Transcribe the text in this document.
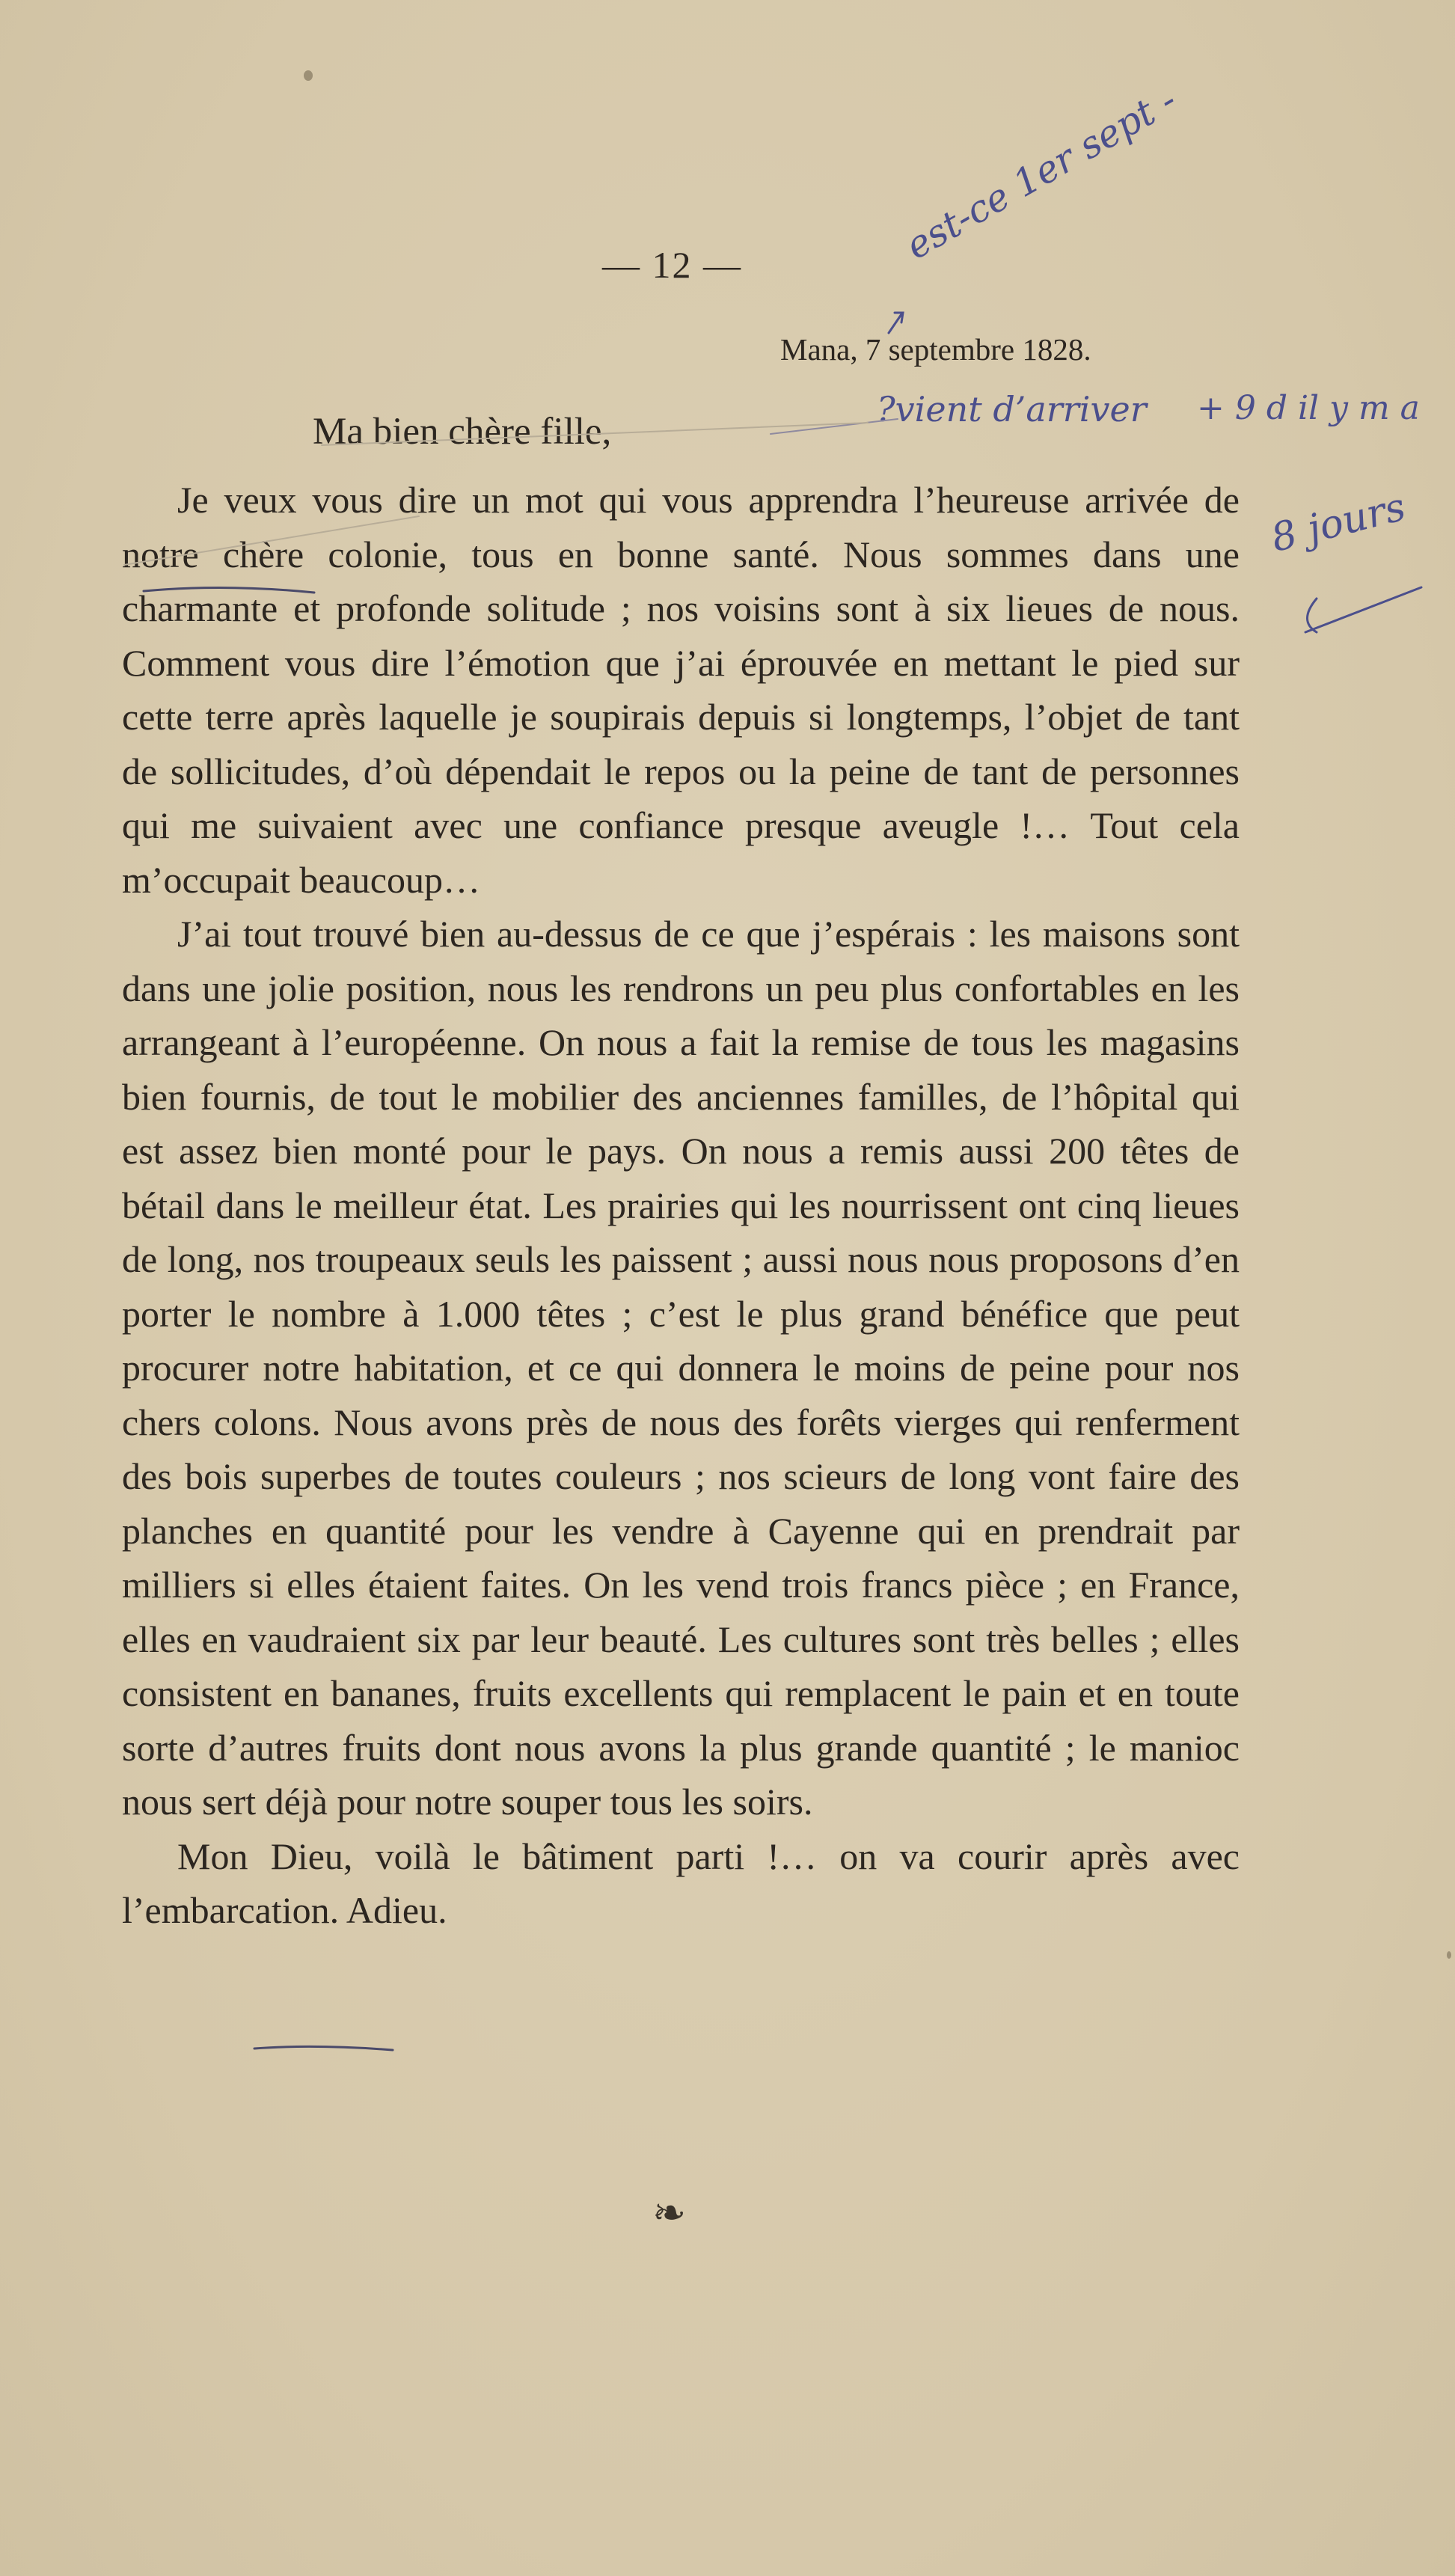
— 12 —
Mana, 7 septembre 1828.
Ma bien chère fille,

Je veux vous dire un mot qui vous apprendra l’heureuse arrivée de notre chère colonie, tous en bonne santé. Nous sommes dans une charmante et profonde solitude ; nos voisins sont à six lieues de nous. Comment vous dire l’émotion que j’ai éprouvée en mettant le pied sur cette terre après laquelle je soupirais depuis si longtemps, l’objet de tant de sollicitudes, d’où dépendait le repos ou la peine de tant de personnes qui me suivaient avec une confiance presque aveugle !… Tout cela m’occupait beaucoup…

J’ai tout trouvé bien au-dessus de ce que j’espérais : les maisons sont dans une jolie position, nous les rendrons un peu plus confortables en les arrangeant à l’européenne. On nous a fait la remise de tous les magasins bien fournis, de tout le mobilier des anciennes familles, de l’hôpital qui est assez bien monté pour le pays. On nous a remis aussi 200 têtes de bétail dans le meilleur état. Les prairies qui les nourrissent ont cinq lieues de long, nos troupeaux seuls les paissent ; aussi nous nous proposons d’en porter le nombre à 1.000 têtes ; c’est le plus grand bénéfice que peut procurer notre habitation, et ce qui donnera le moins de peine pour nos chers colons. Nous avons près de nous des forêts vierges qui renferment des bois superbes de toutes couleurs ; nos scieurs de long vont faire des planches en quantité pour les vendre à Cayenne qui en prendrait par milliers si elles étaient faites. On les vend trois francs pièce ; en France, elles en vaudraient six par leur beauté. Les cultures sont très belles ; elles consistent en bananes, fruits excellents qui remplacent le pain et en toute sorte d’autres fruits dont nous avons la plus grande quantité ; le manioc nous sert déjà pour notre souper tous les soirs.

Mon Dieu, voilà le bâtiment parti !… on va courir après avec l’embarcation. Adieu.

❧
est-ce 1er sept -
?vient d’arriver + 9 d il y m a
8 jours
